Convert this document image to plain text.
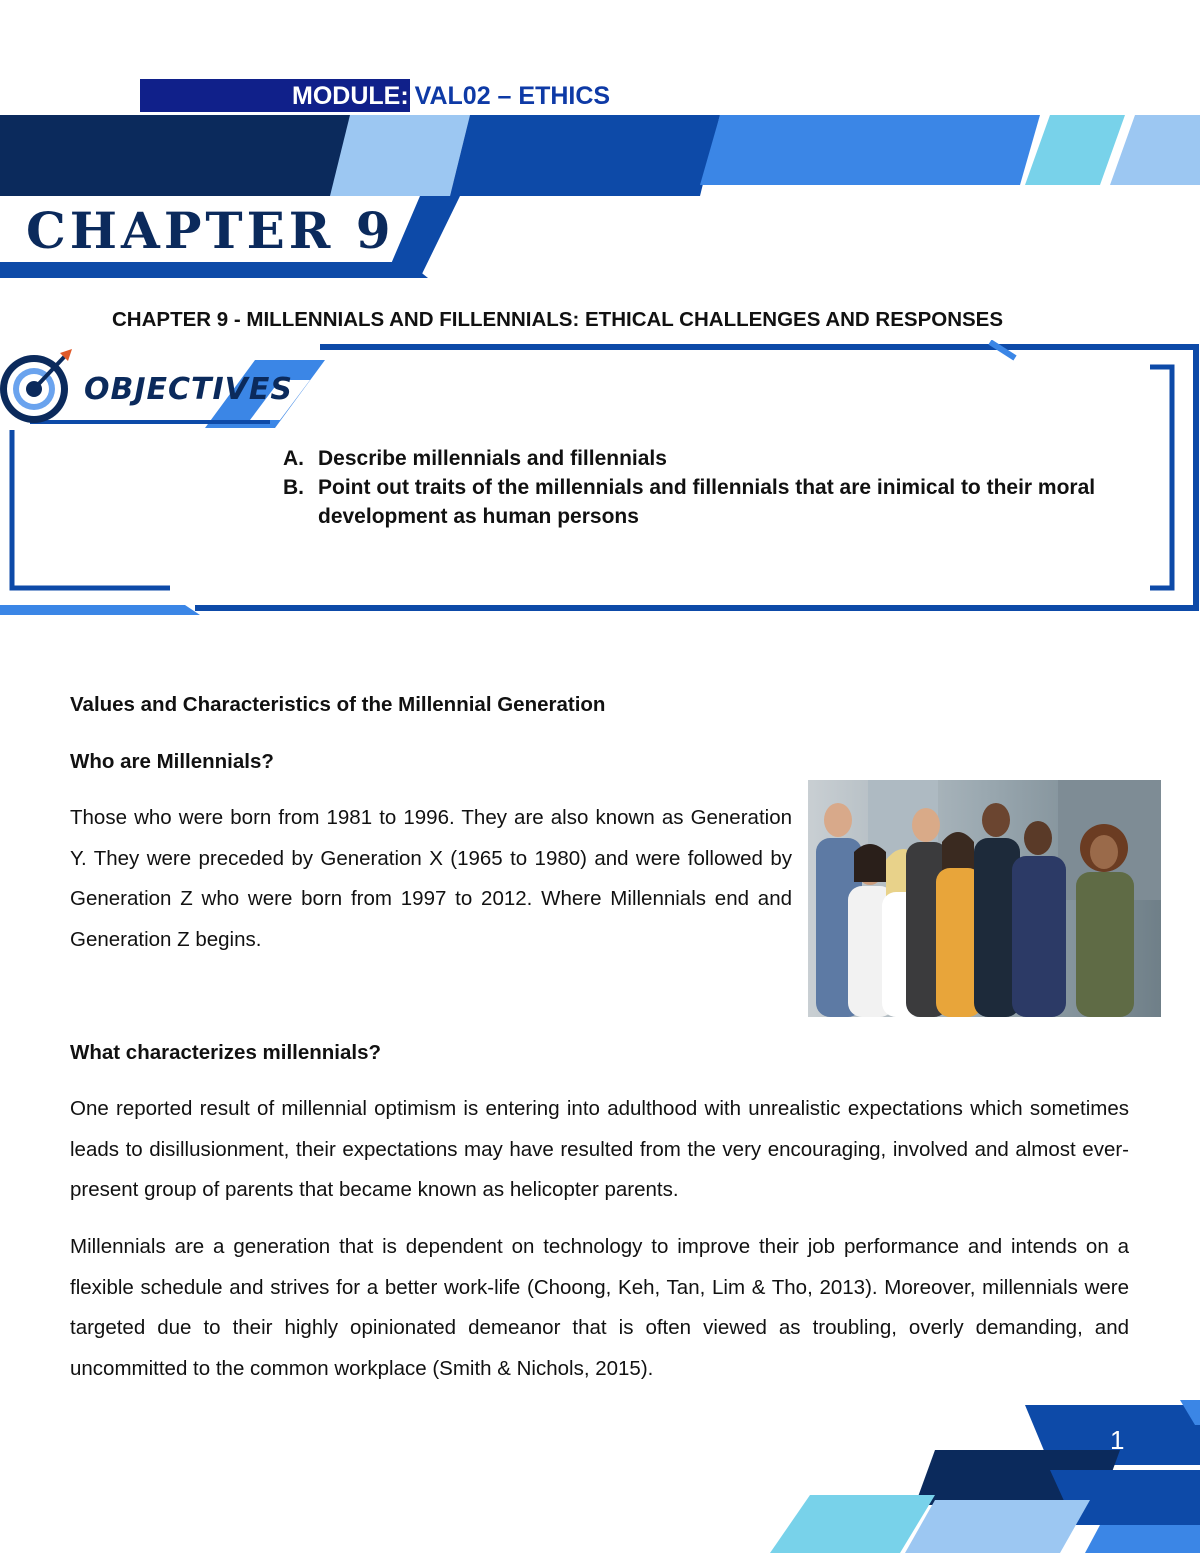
MODULE: VAL02 – ETHICS
CHAPTER 9
CHAPTER 9 - MILLENNIALS AND FILLENNIALS: ETHICAL CHALLENGES AND RESPONSES
OBJECTIVES
A. Describe millennials and fillennials
B. Point out traits of the millennials and fillennials that are inimical to their moral development as human persons
Values and Characteristics of the Millennial Generation
Who are Millennials?

Those who were born from 1981 to 1996. They are also known as Generation Y. They were preceded by Generation X (1965 to 1980) and were followed by Generation Z who were born from 1997 to 2012. Where Millennials end and Generation Z begins.

What characterizes millennials?

One reported result of millennial optimism is entering into adulthood with unrealistic expectations which sometimes leads to disillusionment, their expectations may have resulted from the very encouraging, involved and almost ever-present group of parents that became known as helicopter parents.

Millennials are a generation that is dependent on technology to improve their job performance and intends on a flexible schedule and strives for a better work-life (Choong, Keh, Tan, Lim & Tho, 2013). Moreover, millennials were targeted due to their highly opinionated demeanor that is often viewed as troubling, overly demanding, and uncommitted to the common workplace (Smith & Nichols, 2015).

1
